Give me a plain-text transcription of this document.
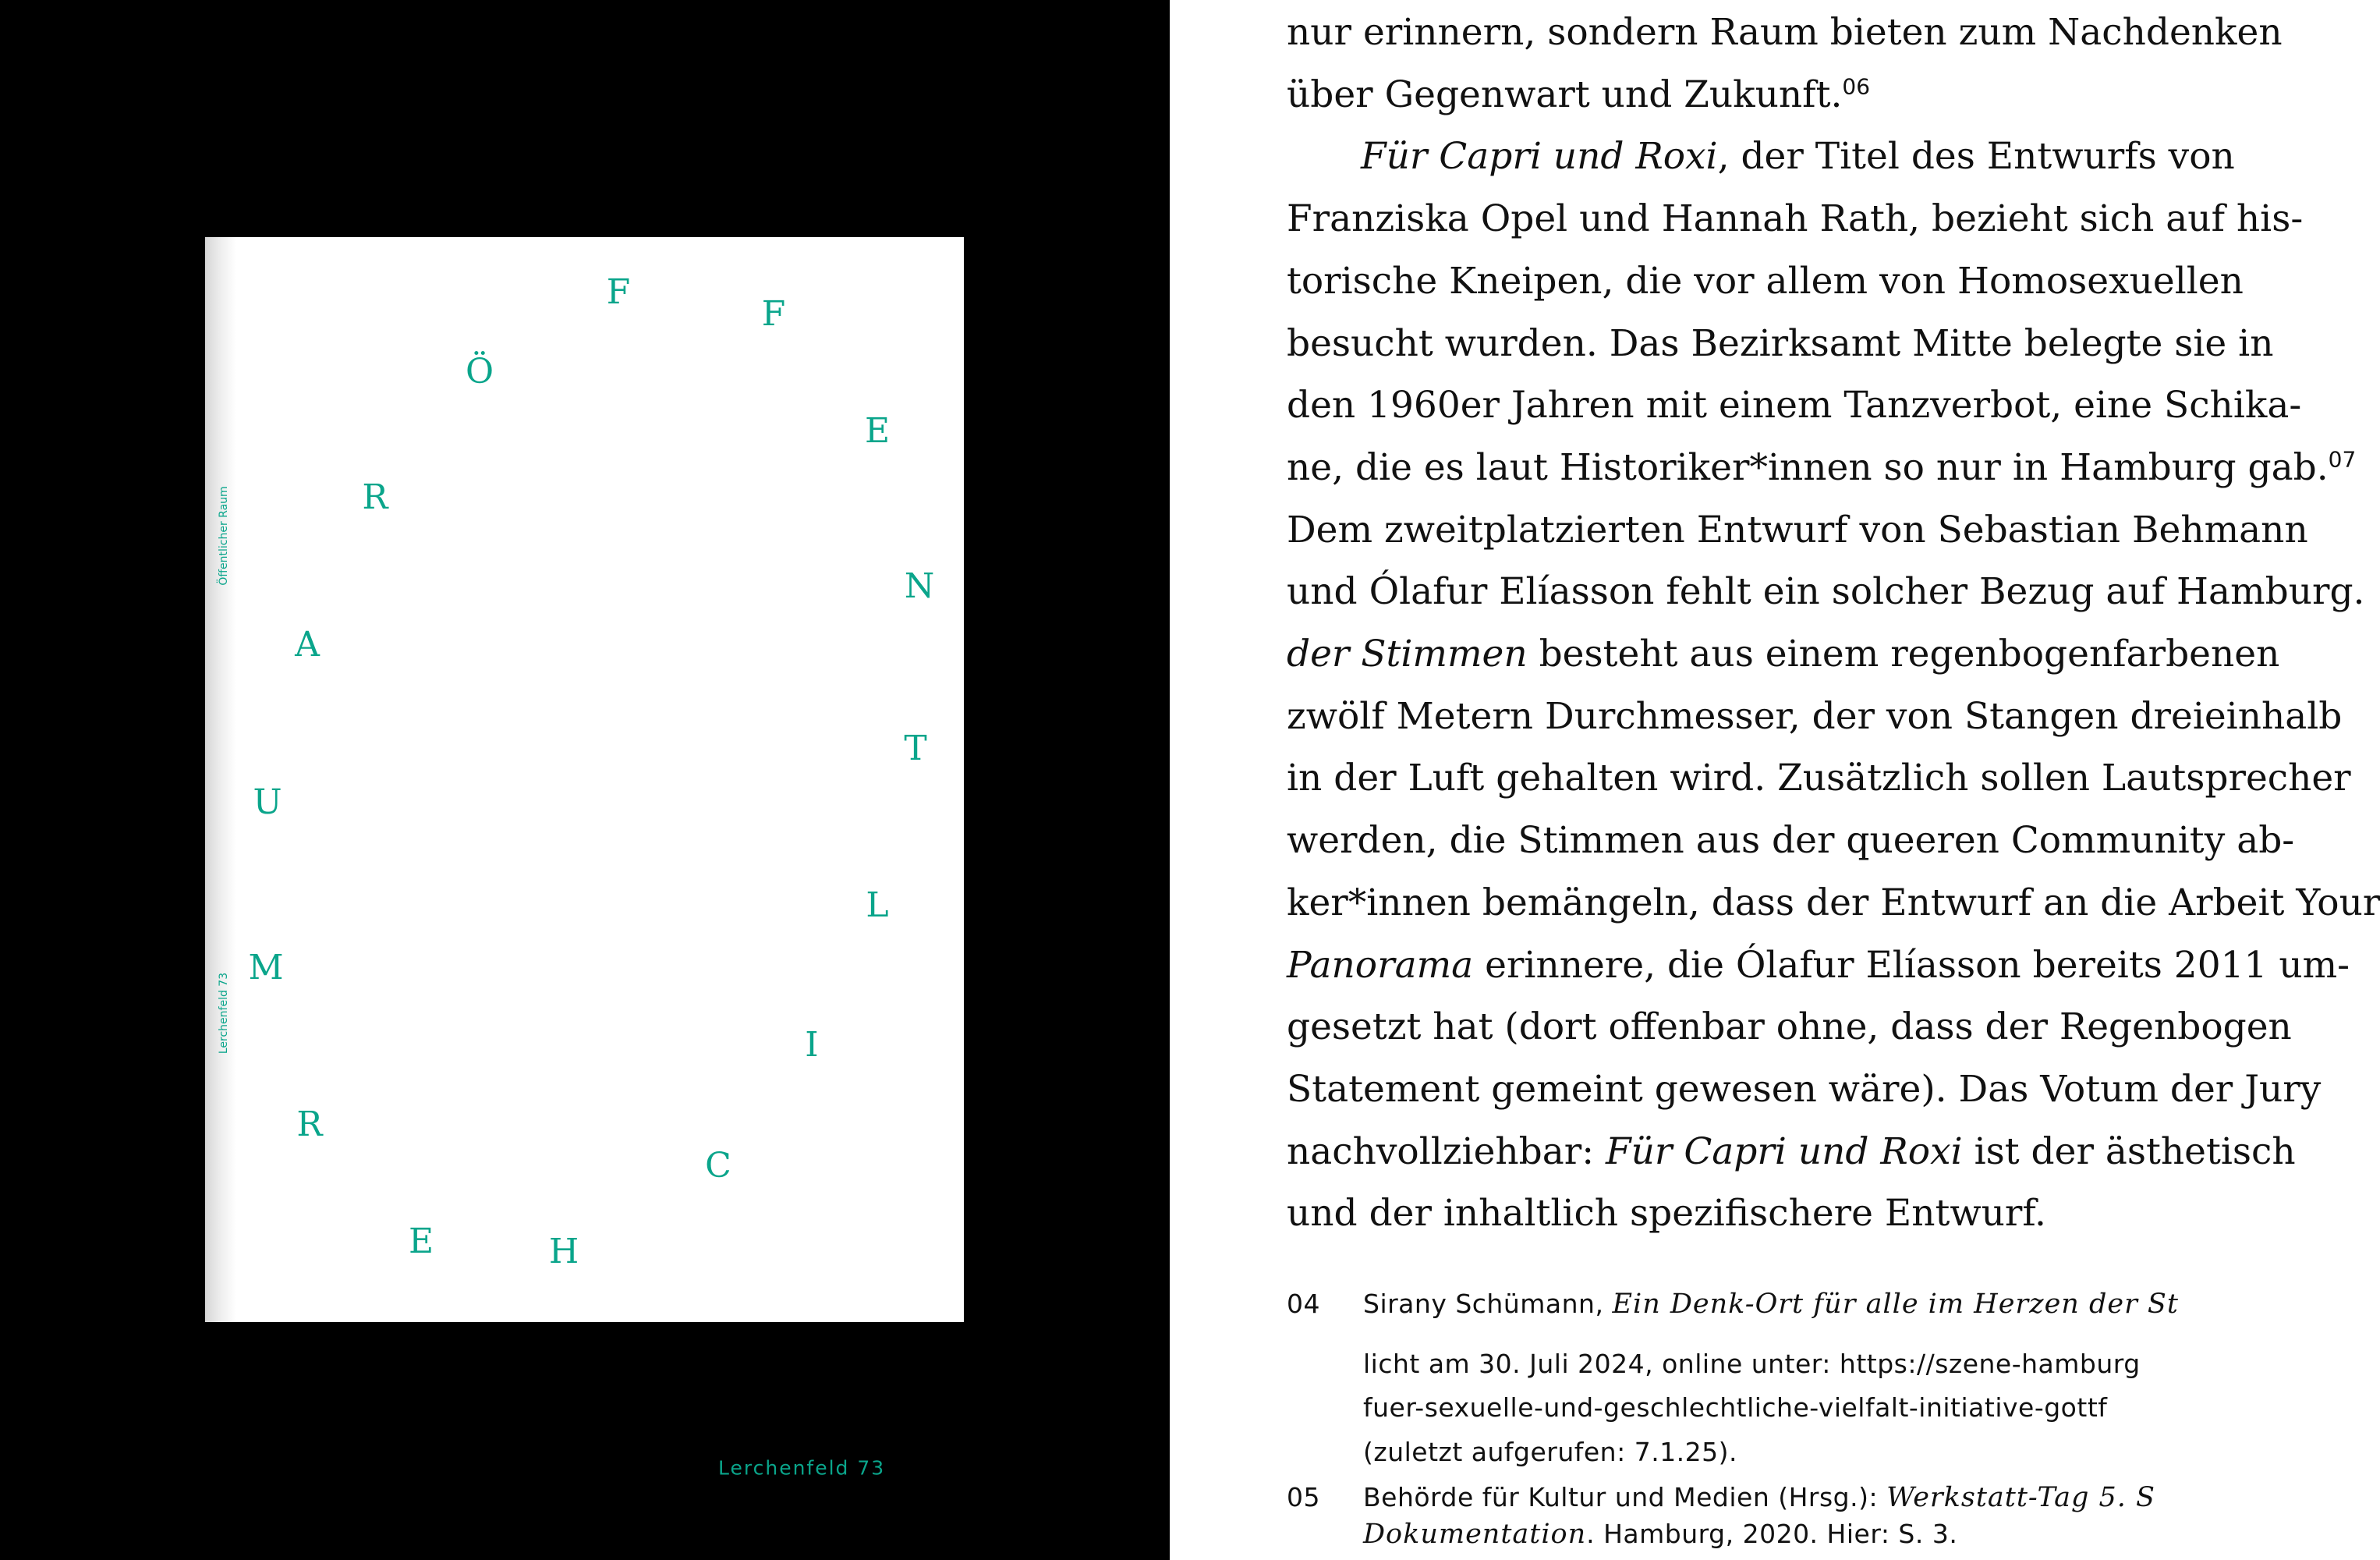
Öffentlicher Raum
Lerchenfeld 73
F
F
Ö
E
R
N
A
T
U
L
M
I
R
C
E	H
Lerchenfeld 73
nur erinnern, sondern Raum bieten zum Nachdenken
über Gegenwart und Zukunft.$^{06}$
Für Capri und Roxi, der Titel des Entwurfs von
Franziska Opel und Hannah Rath, bezieht sich auf his-
torische Kneipen, die vor allem von Homosexuellen
besucht wurden. Das Bezirksamt Mitte belegte sie in
den 1960er Jahren mit einem Tanzverbot, eine Schika-
ne, die es laut Historiker*innen so nur in Hamburg gab.$^{07}$
Dem zweitplatzierten Entwurf von Sebastian Behmann
und Ólafur Elíasson fehlt ein solcher Bezug auf Hamburg.
der Stimmen besteht aus einem regenbogenfarbenen
zwölf Metern Durchmesser, der von Stangen dreieinhalb
in der Luft gehalten wird. Zusätzlich sollen Lautsprecher
werden, die Stimmen aus der queeren Community ab-
ker*innen bemängeln, dass der Entwurf an die Arbeit Your
Panorama erinnere, die Ólafur Elíasson bereits 2011 um-
gesetzt hat (dort offenbar ohne, dass der Regenbogen
Statement gemeint gewesen wäre). Das Votum der Jury
nachvollziehbar: Für Capri und Roxi ist der ästhetisch
und der inhaltlich spezifischere Entwurf.
04 Sirany Schümann, Ein Denk-Ort für alle im Herzen der St
licht am 30. Juli 2024, online unter: https://szene-hamburg
fuer-sexuelle-und-geschlechtliche-vielfalt-initiative-gottf
(zuletzt aufgerufen: 7.1.25).
05 Behörde für Kultur und Medien (Hrsg.): Werkstatt-Tag 5. S
Dokumentation. Hamburg, 2020. Hier: S. 3.
